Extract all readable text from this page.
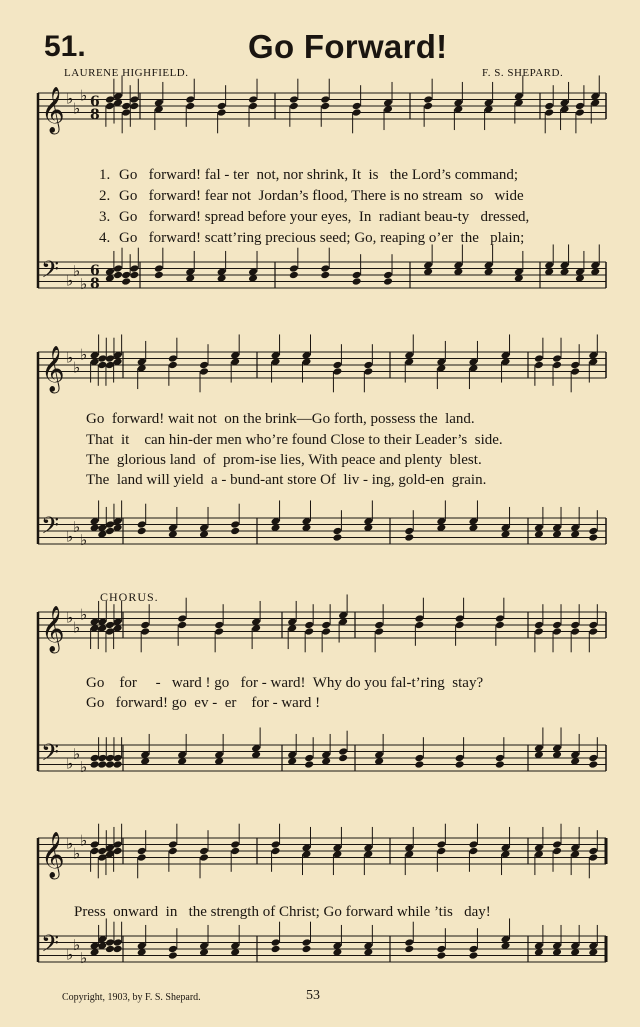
51.	Go Forward!
LAURENE HIGHFIELD.	F. S. SHEPARD.
𝄞 ♭
♭
♭ 6
8
𝄢 ♭
♭
♭
6
8
𝄞 ♭
♭
♭
𝄢 ♭
♭
♭
𝄞 ♭
♭
♭
𝄢 ♭
♭
♭
𝄞 ♭
♭
♭
𝄢 ♭
♭
♭

1. Go   forward! fal - ter  not, nor shrink, It  is   the Lord’s command;

2. Go   forward! fear not  Jordan’s flood, There is no stream  so   wide

3. Go   forward! spread before your eyes,  In  radiant beau-ty   dressed,

4. Go   forward! scatt’ring precious seed; Go, reaping o’er  the   plain;

Go  forward! wait not  on the brink—Go forth, possess the  land.
That  it    can hin-der men who’re found Close to their Leader’s  side.
The  glorious land  of  prom-ise lies, With peace and plenty  blest.
The  land will yield  a - bund-ant store Of  liv - ing, gold-en  grain.
CHORUS.
Go    for     -   ward ! go   for - ward!  Why do you fal-t’ring  stay?
Go   forward! go  ev -  er    for - ward !
Press  onward  in   the strength of Christ; Go forward while ’tis   day!
Copyright, 1903, by F. S. Shepard.	53
